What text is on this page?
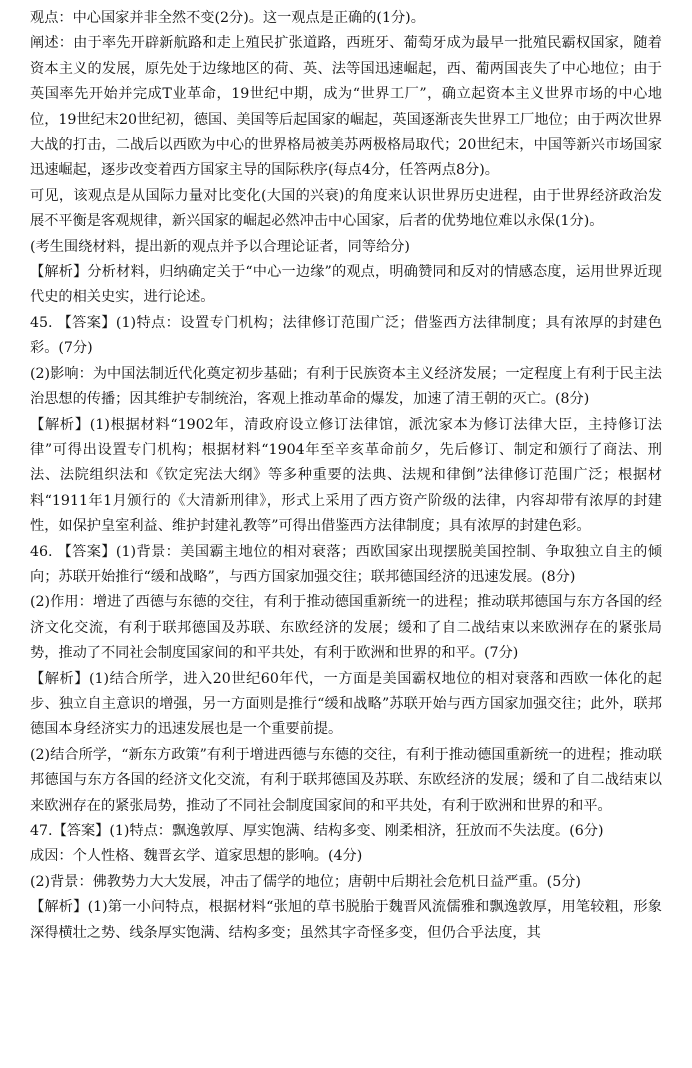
观点：中心国家并非全然不变(2分)。这一观点是正确的(1分)。

阐述：由于率先开辟新航路和走上殖民扩张道路，西班牙、葡萄牙成为最早一批殖民霸权国家，随着资本主义的发展，原先处于边缘地区的荷、英、法等国迅速崛起，西、葡两国丧失了中心地位；由于英国率先开始并完成T业革命，19世纪中期，成为“世界工厂”，确立起资本主义世界市场的中心地位，19世纪末20世纪初，德国、美国等后起国家的崛起，英国逐渐丧失世界工厂地位；由于两次世界大战的打击，二战后以西欧为中心的世界格局被美苏两极格局取代；20世纪末，中国等新兴市场国家迅速崛起，逐步改变着西方国家主导的国际秩序(每点4分，任答两点8分)。

可见，该观点是从国际力量对比变化(大国的兴衰)的角度来认识世界历史进程，由于世界经济政治发展不平衡是客观规律，新兴国家的崛起必然冲击中心国家，后者的优势地位难以永保(1分)。

(考生围绕材料，提出新的观点并予以合理论证者，同等给分)

【解析】分析材料，归纳确定关于“中心一边缘”的观点，明确赞同和反对的情感态度，运用世界近现代史的相关史实，进行论述。

45. 【答案】(1)特点：设置专门机构；法律修订范围广泛；借鉴西方法律制度；具有浓厚的封建色彩。(7分)

(2)影响：为中国法制近代化奠定初步基础；有利于民族资本主义经济发展；一定程度上有利于民主法治思想的传播；因其维护专制统治，客观上推动革命的爆发，加速了清王朝的灭亡。(8分)

【解析】(1)根据材料“1902年，清政府设立修订法律馆，派沈家本为修订法律大臣，主持修订法律”可得出设置专门机构；根据材料“1904年至辛亥革命前夕，先后修订、制定和颁行了商法、刑法、法院组织法和《钦定宪法大纲》等多种重要的法典、法规和律倒”法律修订范围广泛；根据材料“1911年1月颁行的《大清新刑律》，形式上采用了西方资产阶级的法律，内容却带有浓厚的封建性，如保护皇室利益、维护封建礼教等”可得出借鉴西方法律制度；具有浓厚的封建色彩。

46. 【答案】(1)背景：美国霸主地位的相对衰落；西欧国家出现摆脱美国控制、争取独立自主的倾向；苏联开始推行“缓和战略”，与西方国家加强交往；联邦德国经济的迅速发展。(8分)

(2)作用：增进了西德与东德的交往，有利于推动德国重新统一的进程；推动联邦德国与东方各国的经济文化交流，有利于联邦德国及苏联、东欧经济的发展；缓和了自二战结束以来欧洲存在的紧张局势，推动了不同社会制度国家间的和平共处，有利于欧洲和世界的和平。(7分)

【解析】(1)结合所学，进入20世纪60年代，一方面是美国霸权地位的相对衰落和西欧一体化的起步、独立自主意识的增强，另一方面则是推行“缓和战略”苏联开始与西方国家加强交往；此外，联邦德国本身经济实力的迅速发展也是一个重要前提。

(2)结合所学，“新东方政策”有利于增进西德与东德的交往，有利于推动德国重新统一的进程；推动联邦德国与东方各国的经济文化交流，有利于联邦德国及苏联、东欧经济的发展；缓和了自二战结束以来欧洲存在的紧张局势，推动了不同社会制度国家间的和平共处，有利于欧洲和世界的和平。

47.【答案】(1)特点：飘逸敦厚、厚实饱满、结构多变、刚柔相济，狂放而不失法度。(6分)

成因：个人性格、魏晋玄学、道家思想的影响。(4分)

(2)背景：佛教势力大大发展，冲击了儒学的地位；唐朝中后期社会危机日益严重。(5分)

【解析】(1)第一小问特点，根据材料“张旭的草书脱胎于魏晋风流儒雅和飘逸敦厚，用笔较粗，形象深得横壮之势、线条厚实饱满、结构多变；虽然其字奇怪多变，但仍合乎法度，其
